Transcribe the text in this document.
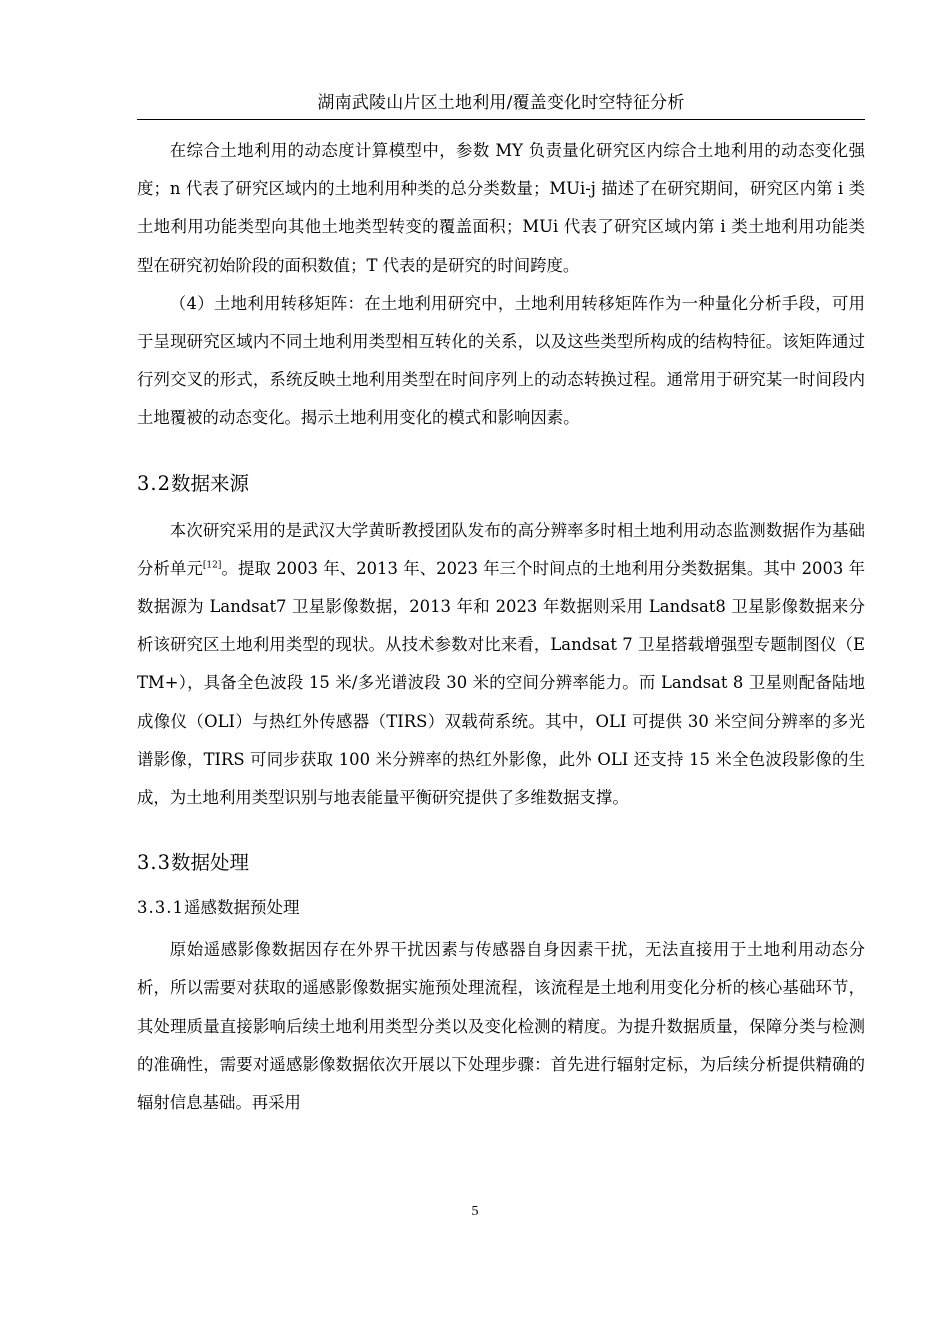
湖南武陵山片区土地利用/覆盖变化时空特征分析

在综合土地利用的动态度计算模型中，参数 MY 负责量化研究区内综合土地利用的动态变化强度；n 代表了研究区域内的土地利用种类的总分类数量；MUi-j 描述了在研究期间，研究区内第 i 类土地利用功能类型向其他土地类型转变的覆盖面积；MUi 代表了研究区域内第 i 类土地利用功能类型在研究初始阶段的面积数值；T 代表的是研究的时间跨度。

（4）土地利用转移矩阵：在土地利用研究中，土地利用转移矩阵作为一种量化分析手段，可用于呈现研究区域内不同土地利用类型相互转化的关系，以及这些类型所构成的结构特征。该矩阵通过行列交叉的形式，系统反映土地利用类型在时间序列上的动态转换过程。通常用于研究某一时间段内土地覆被的动态变化。揭示土地利用变化的模式和影响因素。

3.2数据来源

本次研究采用的是武汉大学黄昕教授团队发布的高分辨率多时相土地利用动态监测数据作为基础分析单元[12]。提取 2003 年、2013 年、2023 年三个时间点的土地利用分类数据集。其中 2003 年数据源为 Landsat7 卫星影像数据，2013 年和 2023 年数据则采用 Landsat8 卫星影像数据来分析该研究区土地利用类型的现状。从技术参数对比来看，Landsat 7 卫星搭载增强型专题制图仪（ETM+），具备全色波段 15 米/多光谱波段 30 米的空间分辨率能力。而 Landsat 8 卫星则配备陆地成像仪（OLI）与热红外传感器（TIRS）双载荷系统。其中，OLI 可提供 30 米空间分辨率的多光谱影像，TIRS 可同步获取 100 米分辨率的热红外影像，此外 OLI 还支持 15 米全色波段影像的生成，为土地利用类型识别与地表能量平衡研究提供了多维数据支撑。

3.3数据处理
3.3.1遥感数据预处理

原始遥感影像数据因存在外界干扰因素与传感器自身因素干扰，无法直接用于土地利用动态分析，所以需要对获取的遥感影像数据实施预处理流程，该流程是土地利用变化分析的核心基础环节，其处理质量直接影响后续土地利用类型分类以及变化检测的精度。为提升数据质量，保障分类与检测的准确性，需要对遥感影像数据依次开展以下处理步骤：首先进行辐射定标，为后续分析提供精确的辐射信息基础。再采用

5
